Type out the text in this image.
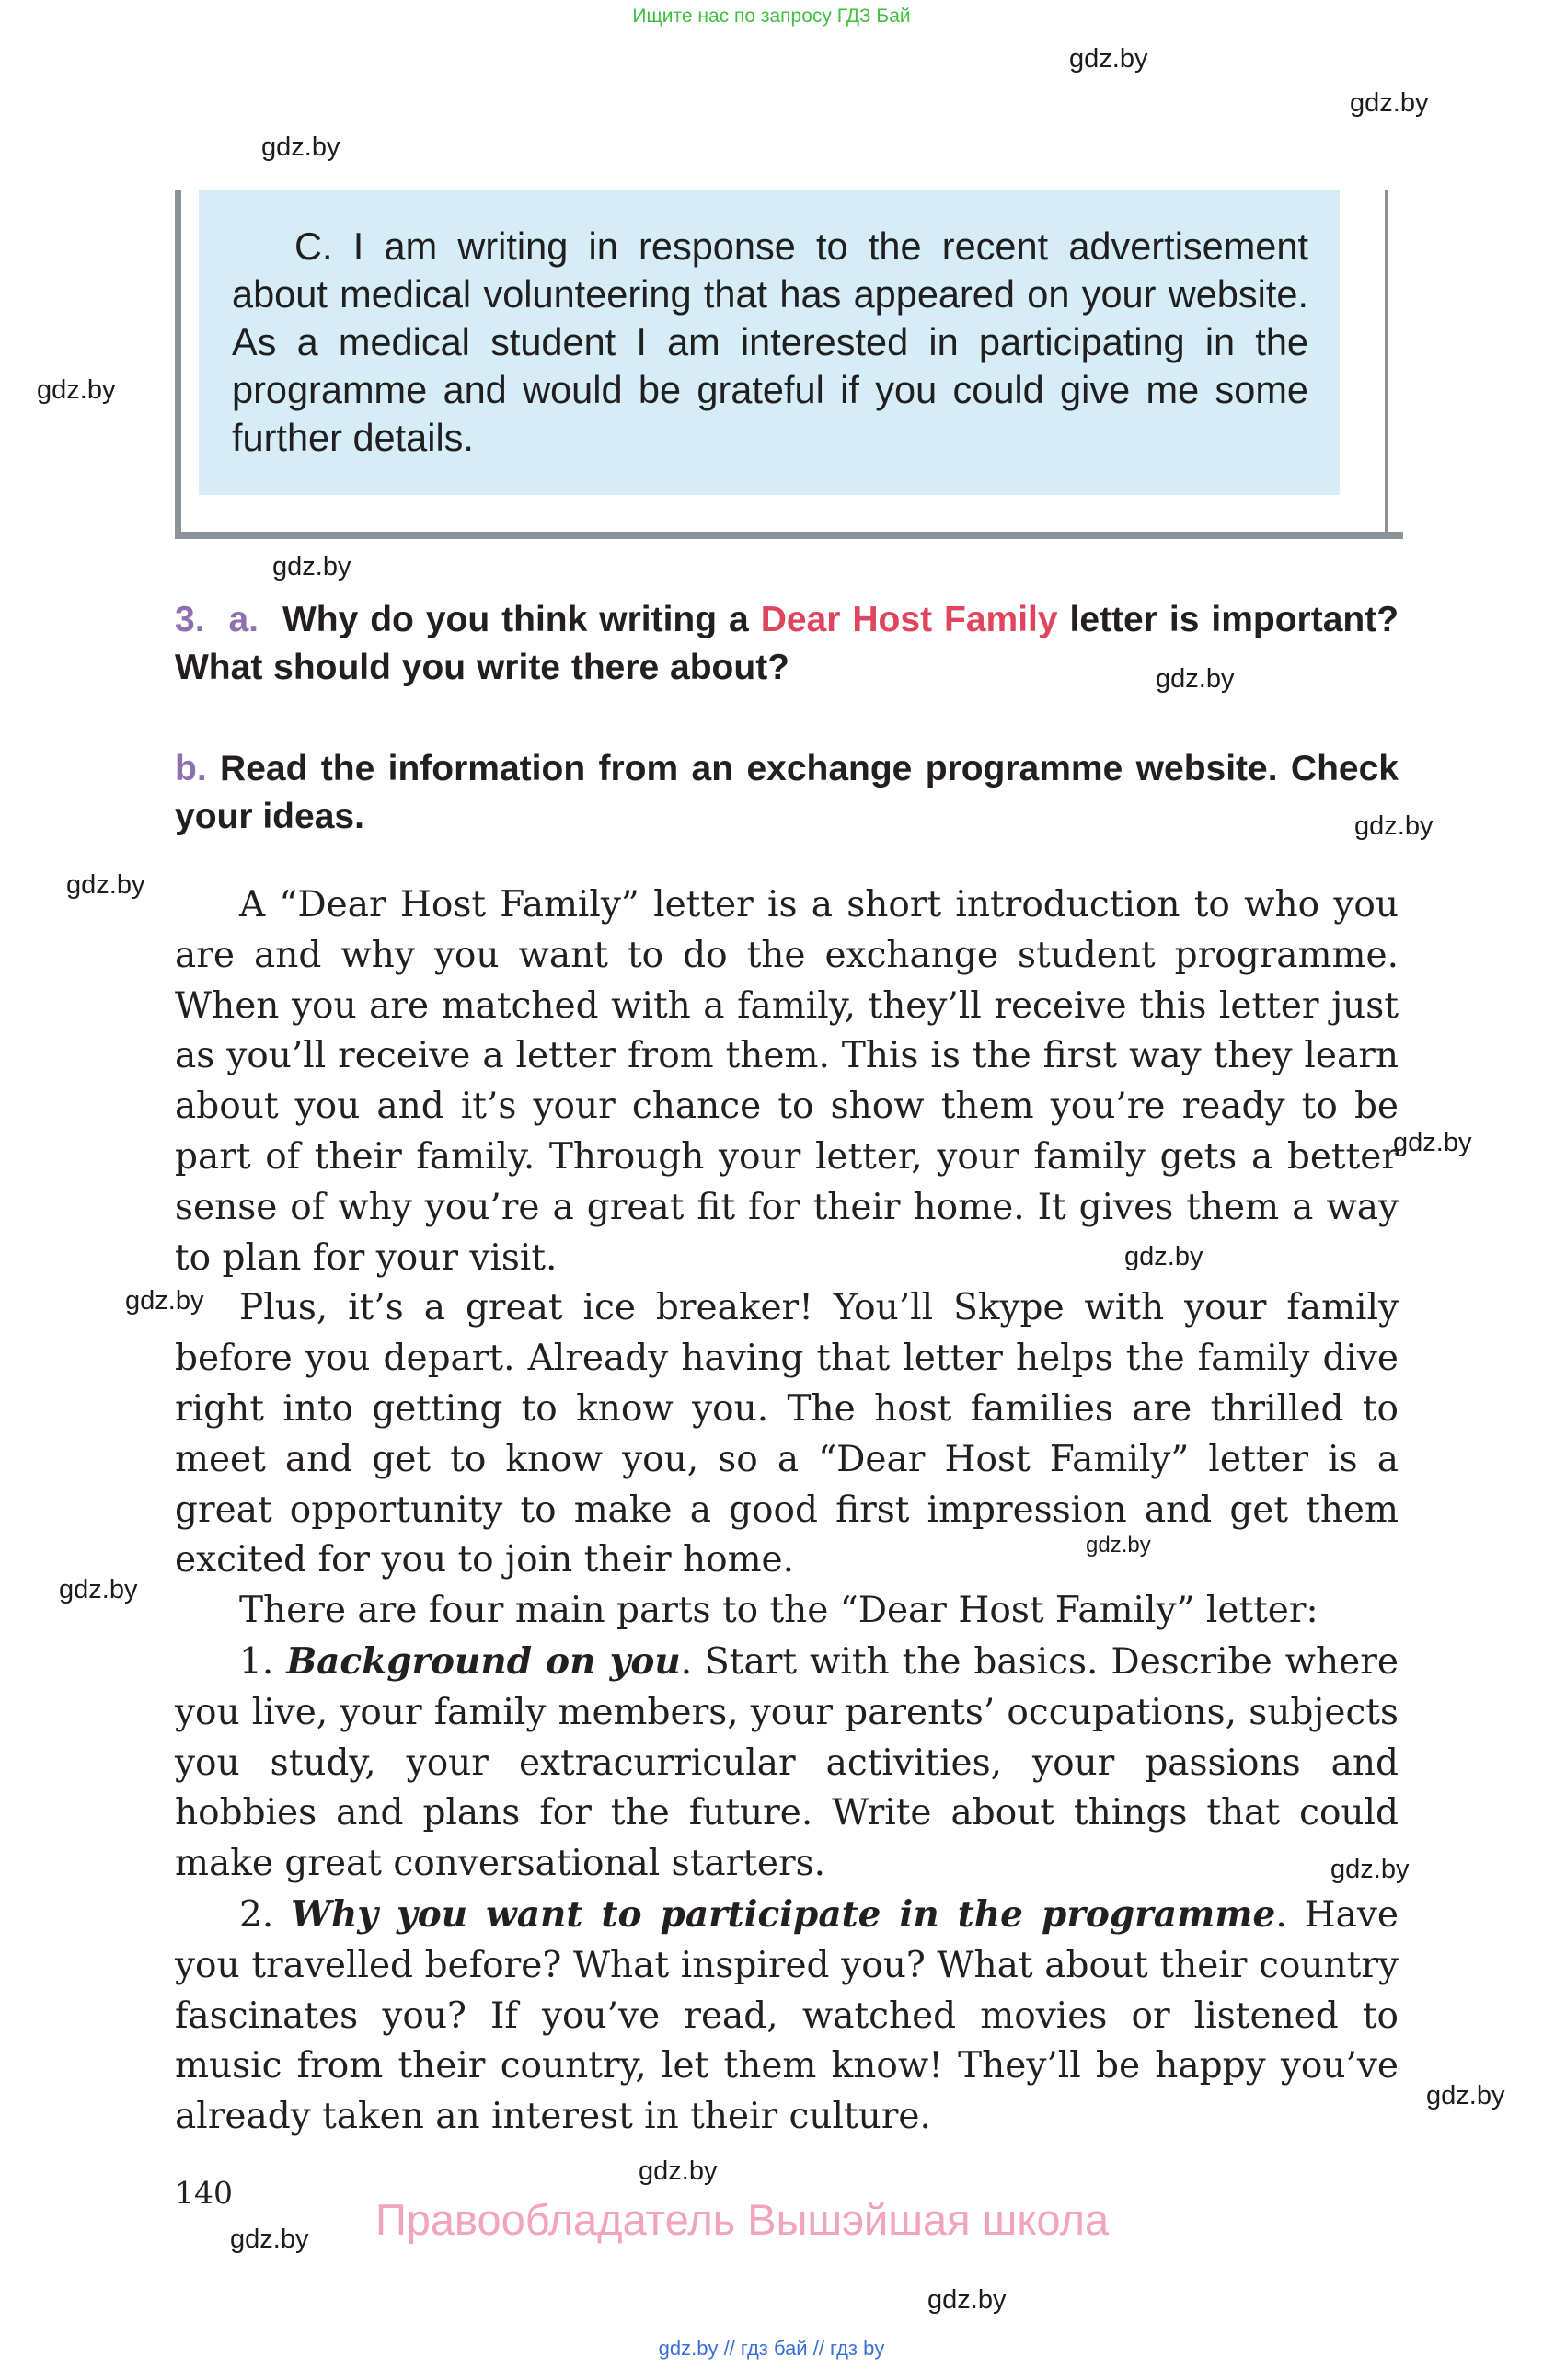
Ищите нас по запросу ГДЗ Бай
gdz.by
gdz.by
gdz.by
gdz.by
gdz.by
gdz.by
gdz.by
gdz.by
gdz.by
gdz.by
gdz.by
gdz.by
gdz.by
gdz.by
gdz.by
gdz.by
gdz.by
gdz.by

C. I am writing in response to the recent advertisement about medical volunteering that has appeared on your website. As a medical student I am interested in participating in the programme and would be grateful if you could give me some further details.

3. a. Why do you think writing a Dear Host Family letter is important? What should you write there about?
b. Read the information from an exchange programme website. Check your ideas.

A “Dear Host Family” letter is a short introduction to who you are and why you want to do the exchange student programme. When you are matched with a family, they’ll receive this letter just as you’ll receive a letter from them. This is the first way they learn about you and it’s your chance to show them you’re ready to be part of their family. Through your letter, your family gets a better sense of why you’re a great fit for their home. It gives them a way to plan for your visit.

Plus, it’s a great ice breaker! You’ll Skype with your family before you depart. Already having that letter helps the family dive right into getting to know you. The host families are thrilled to meet and get to know you, so a “Dear Host Family” letter is a great opportunity to make a good first impression and get them excited for you to join their home.

There are four main parts to the “Dear Host Family” letter:

1. Background on you. Start with the basics. Describe where you live, your family members, your parents’ occupations, subjects you study, your extracurricular activities, your passions and hobbies and plans for the future. Write about things that could make great conversational starters.

2. Why you want to participate in the programme. Have you travelled before? What inspired you? What about their country fascinates you? If you’ve read, watched movies or listened to music from their country, let them know! They’ll be happy you’ve already taken an interest in their culture.

140
Правообладатель Вышэйшая школа
gdz.by // гдз бай // гдз by
